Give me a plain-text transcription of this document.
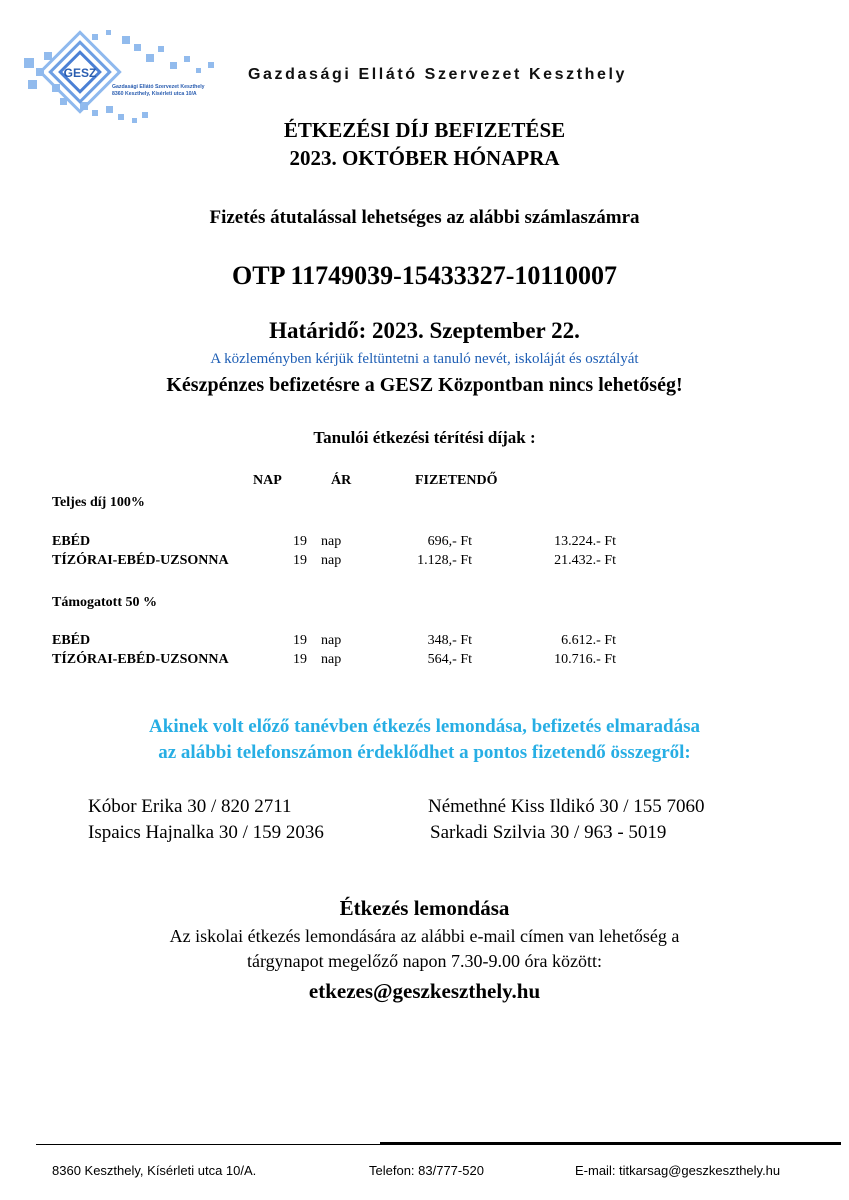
GESZ
Gazdasági Ellátó Szervezet Keszthely
8360 Keszthely, Kísérleti utca 10/A
Gazdasági Ellátó Szervezet Keszthely
ÉTKEZÉSI DÍJ BEFIZETÉSE
2023. OKTÓBER HÓNAPRA
Fizetés átutalással lehetséges az alábbi számlaszámra
OTP 11749039-15433327-10110007
Határidő: 2023. Szeptember 22.
A közleményben kérjük feltüntetni a tanuló nevét, iskoláját és osztályát
Készpénzes befizetésre a GESZ Központban nincs lehetőség!
Tanulói étkezési térítési díjak :
NAP	ÁR	FIZETENDŐ
Teljes díj 100%
EBÉD	19 nap	696,- Ft	13.224.- Ft
TÍZÓRAI-EBÉD-UZSONNA	19 nap	1.128,- Ft	21.432.- Ft
Támogatott 50 %
EBÉD	19 nap	348,- Ft	6.612.- Ft
TÍZÓRAI-EBÉD-UZSONNA	19 nap	564,- Ft	10.716.- Ft
Akinek volt előző tanévben étkezés lemondása, befizetés elmaradása
az alábbi telefonszámon érdeklődhet a pontos fizetendő összegről:
Kóbor Erika 30 / 820 2711	Némethné Kiss Ildikó 30 / 155 7060
Ispaics Hajnalka 30 / 159 2036	Sarkadi Szilvia 30 / 963 - 5019
Étkezés lemondása
Az iskolai étkezés lemondására az alábbi e-mail címen van lehetőség a
tárgynapot megelőző napon 7.30-9.00 óra között:
etkezes@geszkeszthely.hu
8360 Keszthely, Kísérleti utca 10/A.	Telefon: 83/777-520	E-mail: titkarsag@geszkeszthely.hu
